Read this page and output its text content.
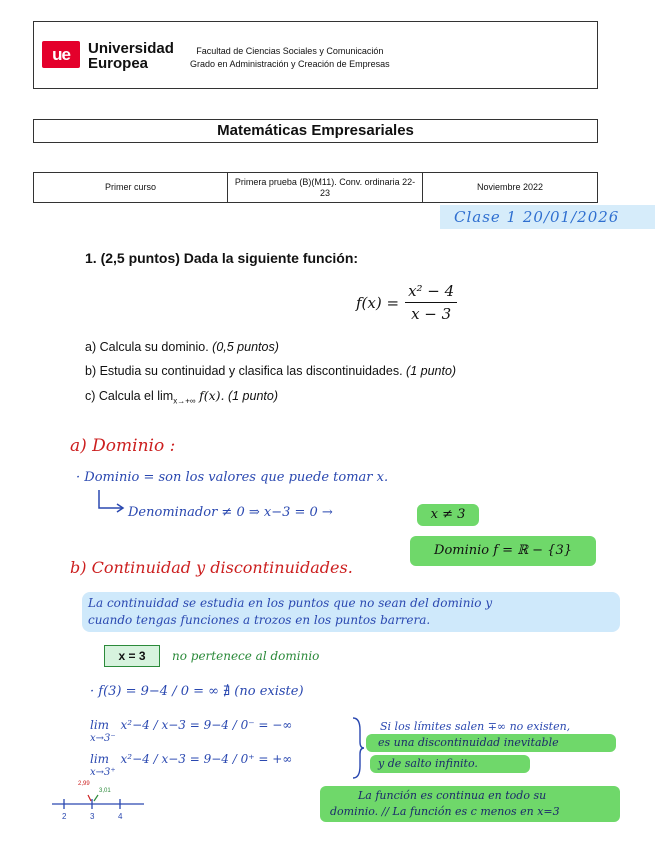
ue	Universidad
Europea
Facultad de Ciencias Sociales y Comunicación
Grado en Administración y Creación de Empresas
Matemáticas Empresariales
Primer curso
Primera prueba (B)(M11). Conv. ordinaria 22-23
Noviembre 2022
Clase 1 20/01/2026
1. (2,5 puntos) Dada la siguiente función:
$f(x) = \frac{\text{x² − 4}}{x - 3}$
a) Calcula su dominio. (0,5 puntos)
b) Estudia su continuidad y clasifica las discontinuidades. (1 punto)
c) Calcula el $\lim_{x\to+\infty} f(x)$. (1 punto)
a) Dominio :
· Dominio = son los valores que puede tomar x.
Denominador ≠ 0 ⇒ x−3 = 0 →	x ≠ 3
Dominio f = ℝ − {3}
b) Continuidad y discontinuidades.
La continuidad se estudia en los puntos que no sean del dominio y
cuando tengas funciones a trozos en los puntos barrera.
x = 3	no pertenece al dominio
· f(3) = 9−4 / 0 = ∞ ∄ (no existe)
lim x²−4 / x−3 = 9−4 / 0⁻ = −∞
x→3⁻
lim x²−4 / x−3 = 9−4 / 0⁺ = +∞
x→3⁺
Si los límites salen ∓∞ no existen,
es una discontinuidad inevitable
y de salto infinito.
La función es continua en todo su
dominio. // La función es c menos en x=3
2,99
3,01
2	3	4
